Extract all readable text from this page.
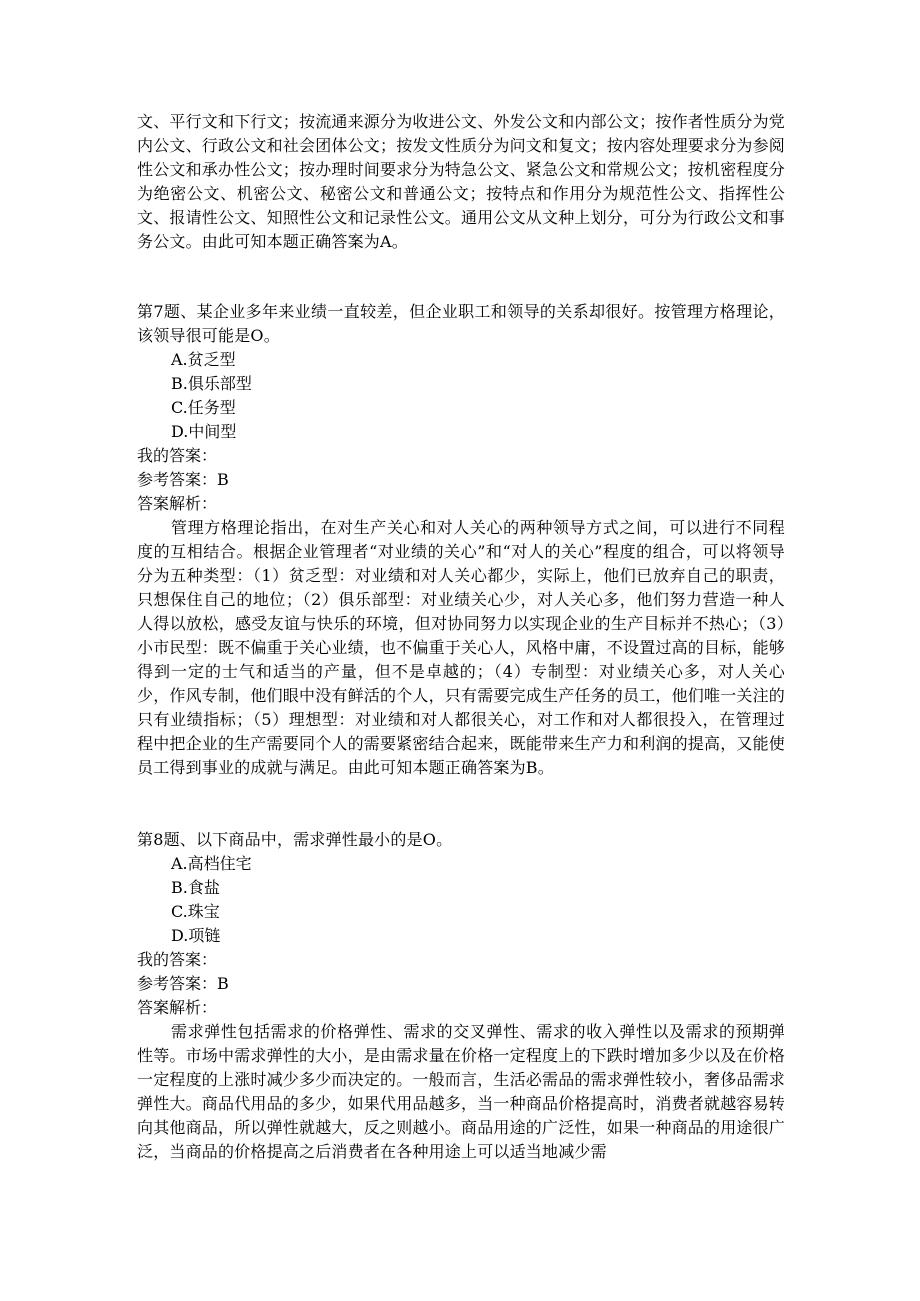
文、平行文和下行文；按流通来源分为收进公文、外发公文和内部公文；按作者性质分为党内公文、行政公文和社会团体公文；按发文性质分为问文和复文；按内容处理要求分为参阅性公文和承办性公文；按办理时间要求分为特急公文、紧急公文和常规公文；按机密程度分为绝密公文、机密公文、秘密公文和普通公文；按特点和作用分为规范性公文、指挥性公文、报请性公文、知照性公文和记录性公文。通用公文从文种上划分，可分为行政公文和事务公文。由此可知本题正确答案为A。

第7题、某企业多年来业绩一直较差，但企业职工和领导的关系却很好。按管理方格理论，该领导很可能是O。

A.贫乏型
B.俱乐部型
C.任务型
D.中间型
我的答案：
参考答案：B
答案解析：

管理方格理论指出，在对生产关心和对人关心的两种领导方式之间，可以进行不同程度的互相结合。根据企业管理者“对业绩的关心”和“对人的关心”程度的组合，可以将领导分为五种类型：（1）贫乏型：对业绩和对人关心都少，实际上，他们已放弃自己的职责，只想保住自己的地位；（2）俱乐部型：对业绩关心少，对人关心多，他们努力营造一种人人得以放松，感受友谊与快乐的环境，但对协同努力以实现企业的生产目标并不热心；（3）小市民型：既不偏重于关心业绩，也不偏重于关心人，风格中庸，不设置过高的目标，能够得到一定的士气和适当的产量，但不是卓越的；（4）专制型：对业绩关心多，对人关心少，作风专制，他们眼中没有鲜活的个人，只有需要完成生产任务的员工，他们唯一关注的只有业绩指标；（5）理想型：对业绩和对人都很关心，对工作和对人都很投入，在管理过程中把企业的生产需要同个人的需要紧密结合起来，既能带来生产力和利润的提高，又能使员工得到事业的成就与满足。由此可知本题正确答案为B。

第8题、以下商品中，需求弹性最小的是O。

A.高档住宅
B.食盐
C.珠宝
D.项链
我的答案：
参考答案：B
答案解析：

需求弹性包括需求的价格弹性、需求的交叉弹性、需求的收入弹性以及需求的预期弹性等。市场中需求弹性的大小，是由需求量在价格一定程度上的下跌时增加多少以及在价格一定程度的上涨时减少多少而决定的。一般而言，生活必需品的需求弹性较小，奢侈品需求弹性大。商品代用品的多少，如果代用品越多，当一种商品价格提高时，消费者就越容易转向其他商品，所以弹性就越大，反之则越小。商品用途的广泛性，如果一种商品的用途很广泛，当商品的价格提高之后消费者在各种用途上可以适当地减少需
